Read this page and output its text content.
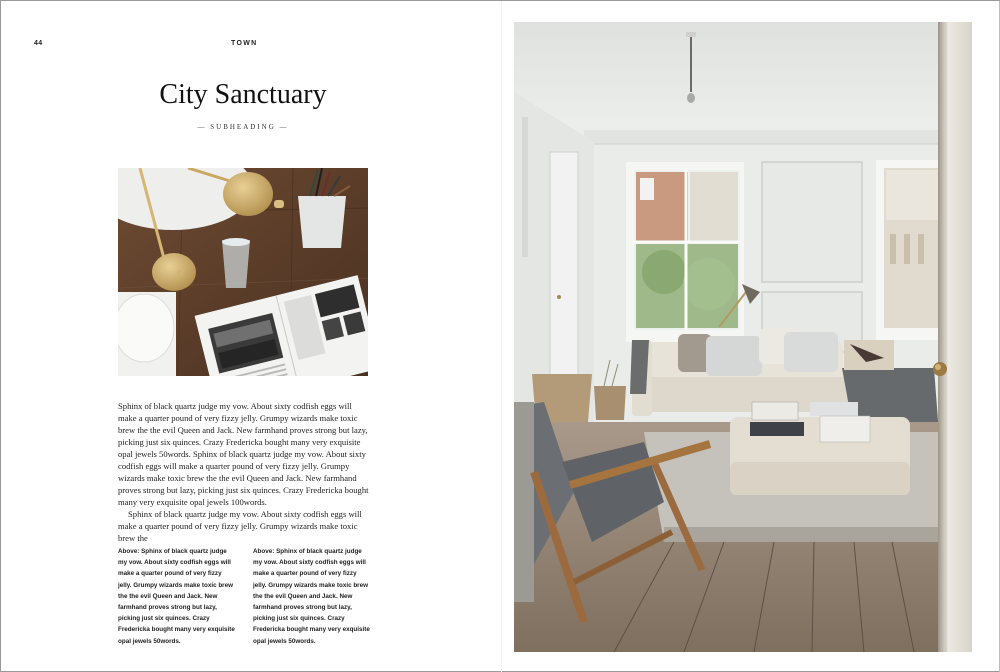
44	TOWN
City Sanctuary
— SUBHEADING —

Sphinx of black quartz judge my vow. About sixty codfish eggs will make a quarter pound of very fizzy jelly. Grumpy wizards make toxic brew the the evil Queen and Jack. New farmhand proves strong but lazy, picking just six quinces. Crazy Fredericka bought many very exquisite opal jewels 50words. Sphinx of black quartz judge my vow. About sixty codfish eggs will make a quarter pound of very fizzy jelly. Grumpy wizards make toxic brew the the evil Queen and Jack. New farmhand proves strong but lazy, picking just six quinces. Crazy Fredericka bought many very exquisite opal jewels 100words.

Sphinx of black quartz judge my vow. About sixty codfish eggs will make a quarter pound of very fizzy jelly. Grumpy wizards make toxic brew the

Above: Sphinx of black quartz judge my vow. About sixty codfish eggs will make a quarter pound of very fizzy jelly. Grumpy wizards make toxic brew the the evil Queen and Jack. New farmhand proves strong but lazy, picking just six quinces. Crazy Fredericka bought many very exquisite opal jewels 50words.
Above: Sphinx of black quartz judge my vow. About sixty codfish eggs will make a quarter pound of very fizzy jelly. Grumpy wizards make toxic brew the the evil Queen and Jack. New farmhand proves strong but lazy, picking just six quinces. Crazy Fredericka bought many very exquisite opal jewels 50words.
